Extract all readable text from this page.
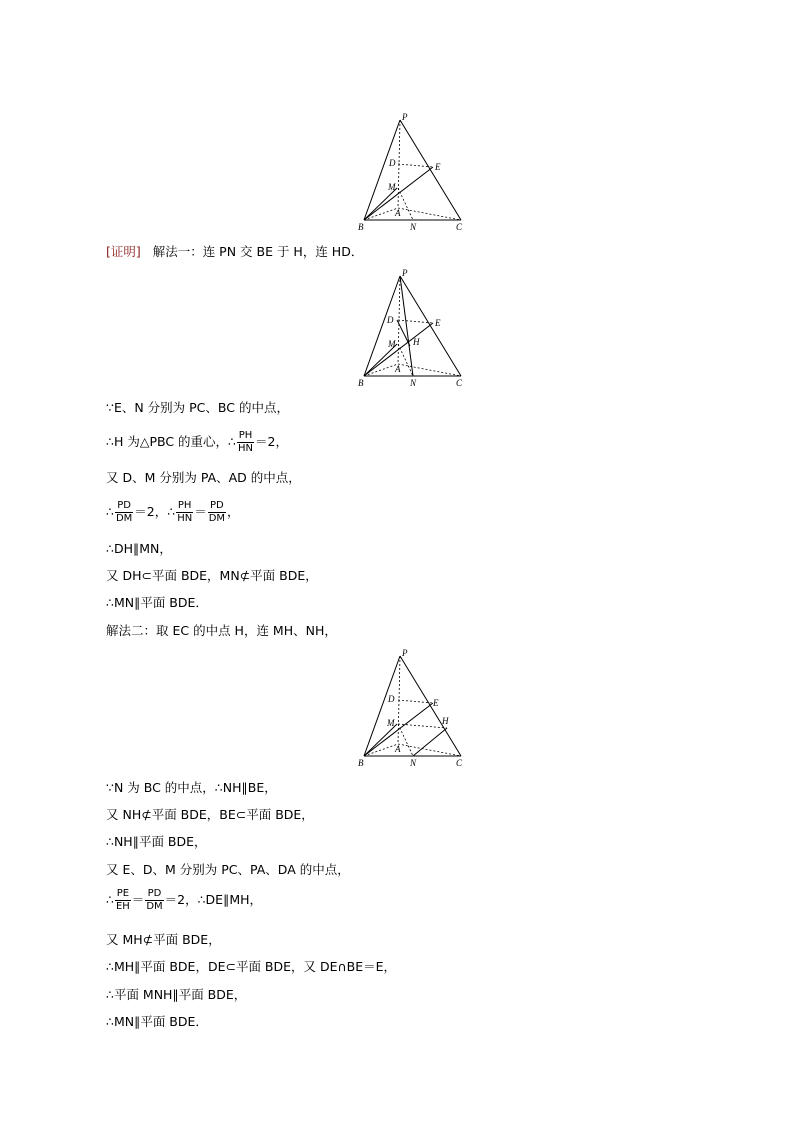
P
D	E
M
A
B	N	C
[证明] 解法一：连 PN 交 BE 于 H，连 HD．
P
D	E
M H
A
B	N	C
∵E、N 分别为 PC、BC 的中点，
∴H 为△PBC 的重心，∴ $\frac{PH}{HN} =2$，
又 D、M 分别为 PA、AD 的中点，
∴ $\frac{PD}{DM} =2$，∴ $\frac{PH}{HN} = \frac{PD}{DM}$ ，
∴DH∥MN，
又 DH⊂平面 BDE，MN⊄平面 BDE，
∴MN∥平面 BDE．
解法二：取 EC 的中点 H，连 MH、NH，
P
D	E
M	H
A
B	N	C
∵N 为 BC 的中点，∴NH∥BE，
又 NH⊄平面 BDE，BE⊂平面 BDE，
∴NH∥平面 BDE，
又 E、D、M 分别为 PC、PA、DA 的中点，
∴ $\frac{PE}{EH} = \frac{PD}{DM} =2$，∴DE∥MH，
又 MH⊄平面 BDE，
∴MH∥平面 BDE，DE⊂平面 BDE，又 DE∩BE＝E，
∴平面 MNH∥平面 BDE，
∴MN∥平面 BDE．
